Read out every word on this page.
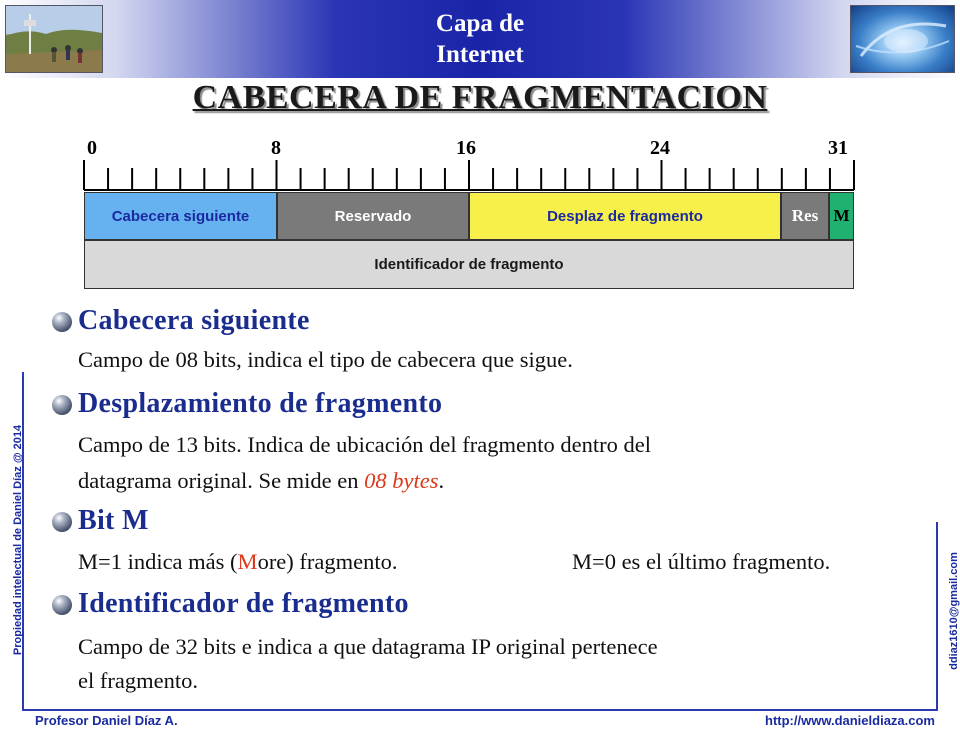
Capa de
Internet
CABECERA DE FRAGMENTACION
0	8	16	24	31
Cabecera siguiente	Reservado	Desplaz de fragmento	Res M
Identificador de fragmento
Cabecera siguiente
Campo de 08 bits, indica el tipo de cabecera que sigue.
Desplazamiento de fragmento
Campo de 13 bits. Indica de ubicación del fragmento dentro del
datagrama original. Se mide en 08 bytes.
Bit M
M=1 indica más (More) fragmento.	M=0 es el último fragmento.
Identificador de fragmento
Campo de 32 bits e indica a que datagrama IP original pertenece
el fragmento.
Propiedad intelectual de Daniel Díaz @ 2014	ddiaz1610@gmail.com
Profesor Daniel Díaz A.	http://www.danieldiaza.com
